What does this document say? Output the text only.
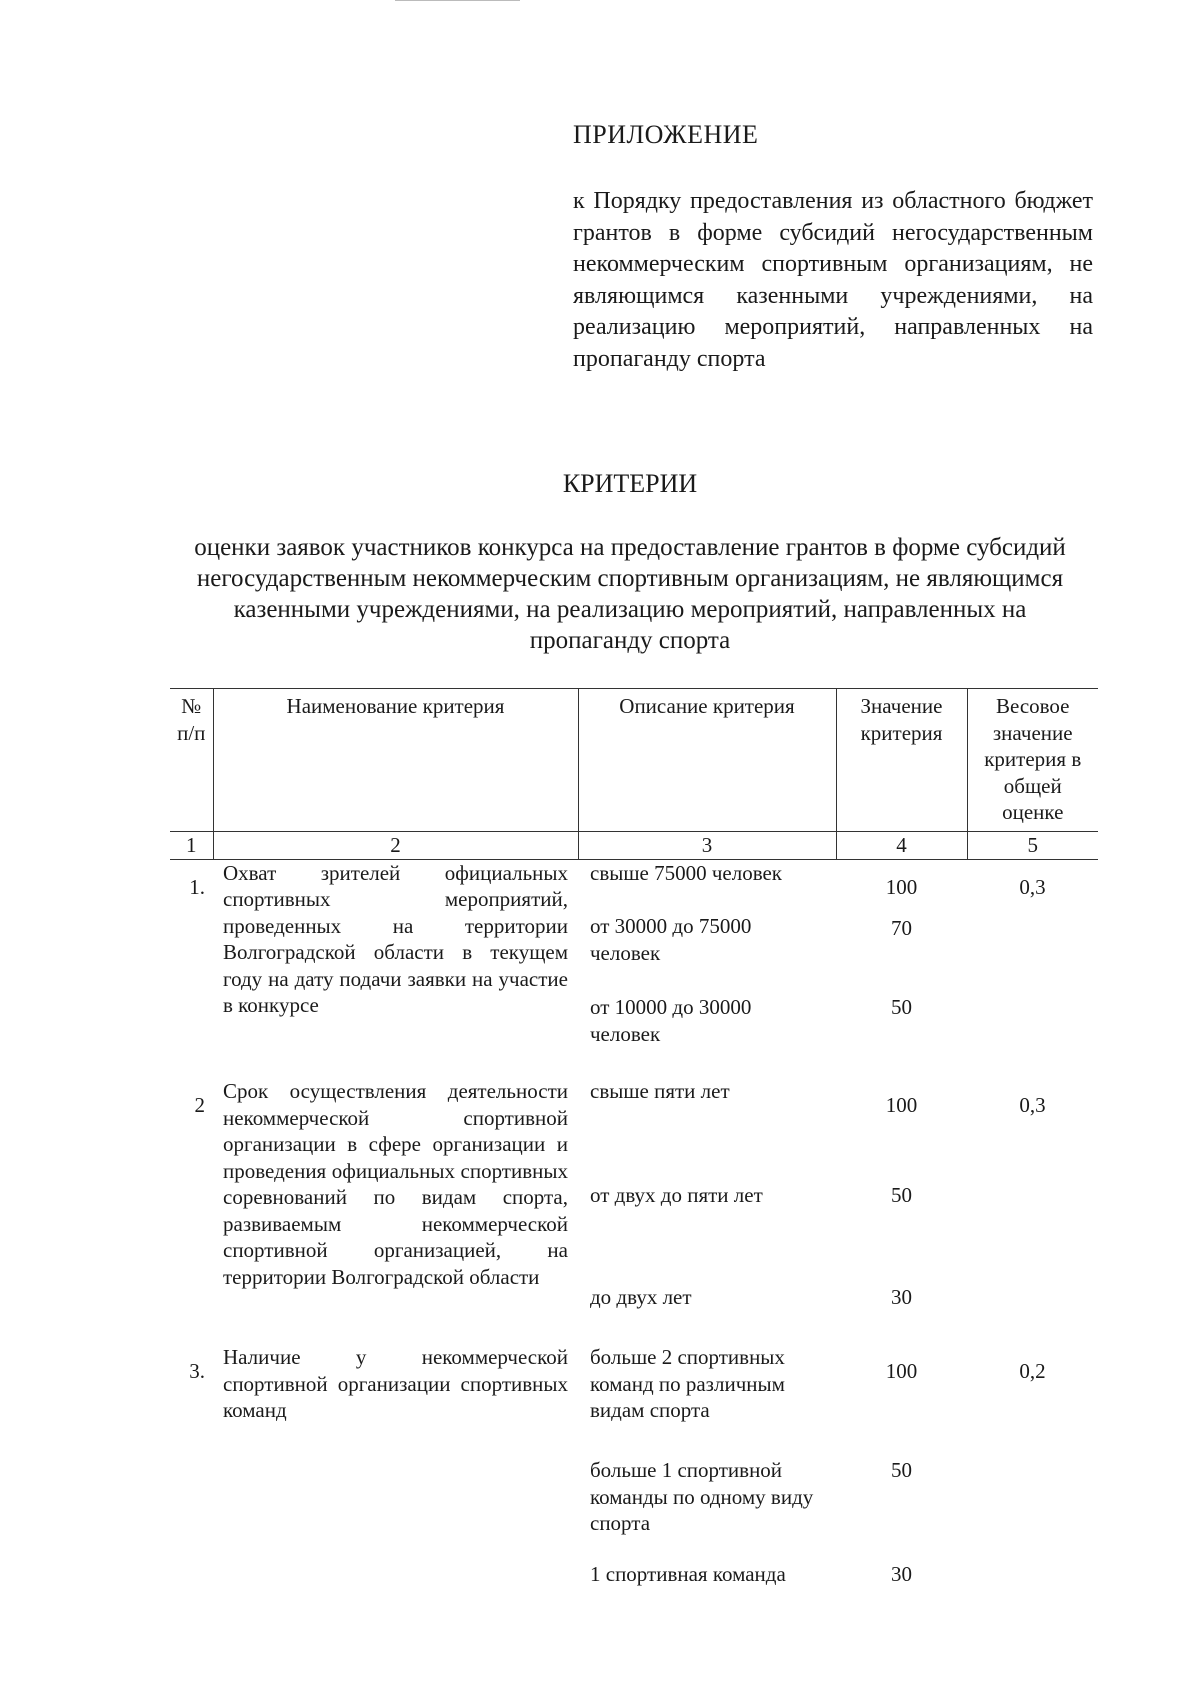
ПРИЛОЖЕНИЕ
к Порядку предоставления из областного бюджет грантов в форме субсидий негосударственным некоммерческим спортивным организациям, не являющимся казенными учреждениями, на реализацию мероприятий, направленных на пропаганду спорта
КРИТЕРИИ
оценки заявок участников конкурса на предоставление грантов в форме субсидий негосударственным некоммерческим спортивным организациям, не являющимся казенными учреждениями, на реализацию мероприятий, направленных на пропаганду спорта
№ п/п	Наименование критерия	Описание критерия	Значение критерия	Весовое значение критерия в общей оценке
1	2	3	4	5
1.	Охват зрителей официальных спортивных мероприятий, проведенных на территории Волгоградской области в текущем году на дату подачи заявки на участие в конкурсе	свыше 75000 человек	100	0,3
		от 30000 до 75000 человек	70	
		от 10000 до 30000 человек	50	
2	Срок осуществления деятельности некоммерческой спортивной организации в сфере организации и проведения официальных спортивных соревнований по видам спорта, развиваемым некоммерческой спортивной организацией, на территории Волгоградской области	свыше пяти лет	100	0,3
		от двух до пяти лет	50	
		до двух лет	30	
3.	Наличие у некоммерческой спортивной организации спортивных команд	больше 2 спортивных команд по различным видам спорта	100	0,2
		больше 1 спортивной команды по одному виду спорта	50	
		1 спортивная команда	30	
